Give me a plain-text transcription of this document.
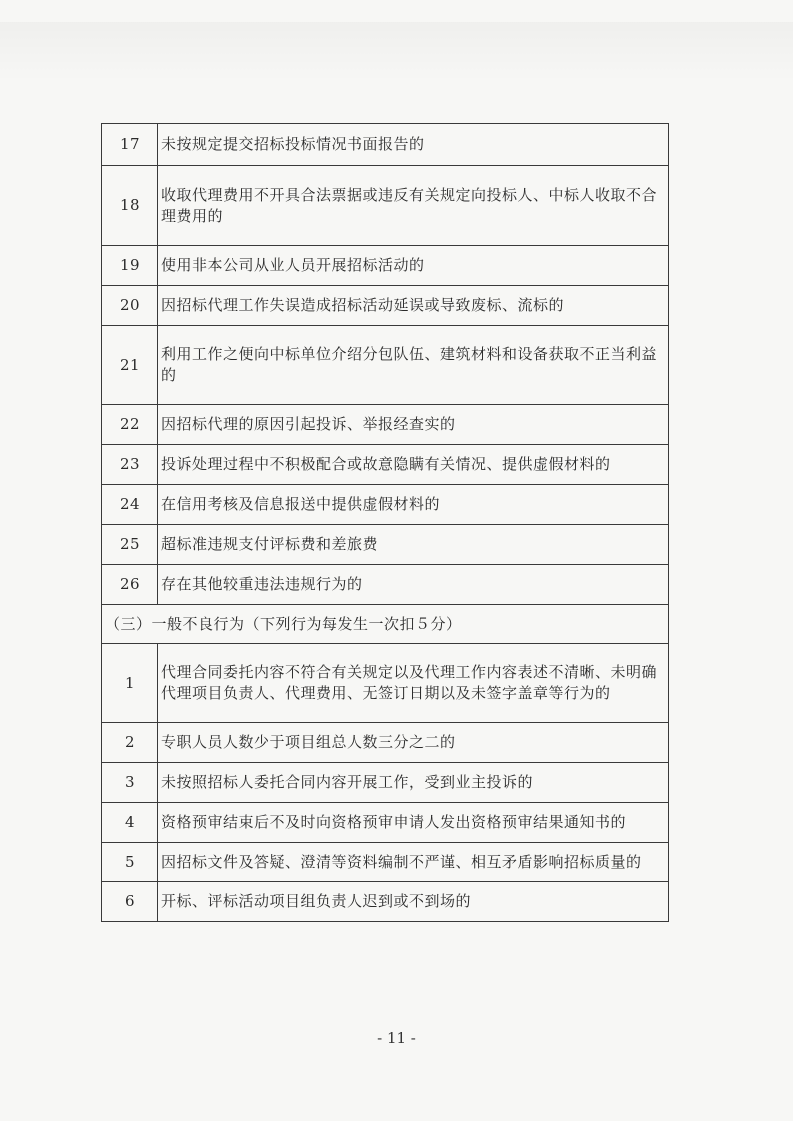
17	未按规定提交招标投标情况书面报告的
18	收取代理费用不开具合法票据或违反有关规定向投标人、中标人收取不合理费用的
19	使用非本公司从业人员开展招标活动的
20	因招标代理工作失误造成招标活动延误或导致废标、流标的
21	利用工作之便向中标单位介绍分包队伍、建筑材料和设备获取不正当利益的
22	因招标代理的原因引起投诉、举报经查实的
23	投诉处理过程中不积极配合或故意隐瞒有关情况、提供虚假材料的
24	在信用考核及信息报送中提供虚假材料的
25	超标准违规支付评标费和差旅费
26	存在其他较重违法违规行为的
（三）一般不良行为（下列行为每发生一次扣５分）	
1	代理合同委托内容不符合有关规定以及代理工作内容表述不清晰、未明确代理项目负责人、代理费用、无签订日期以及未签字盖章等行为的
2	专职人员人数少于项目组总人数三分之二的
3	未按照招标人委托合同内容开展工作，受到业主投诉的
4	资格预审结束后不及时向资格预审申请人发出资格预审结果通知书的
5	因招标文件及答疑、澄清等资料编制不严谨、相互矛盾影响招标质量的
6	开标、评标活动项目组负责人迟到或不到场的
- 11 -
